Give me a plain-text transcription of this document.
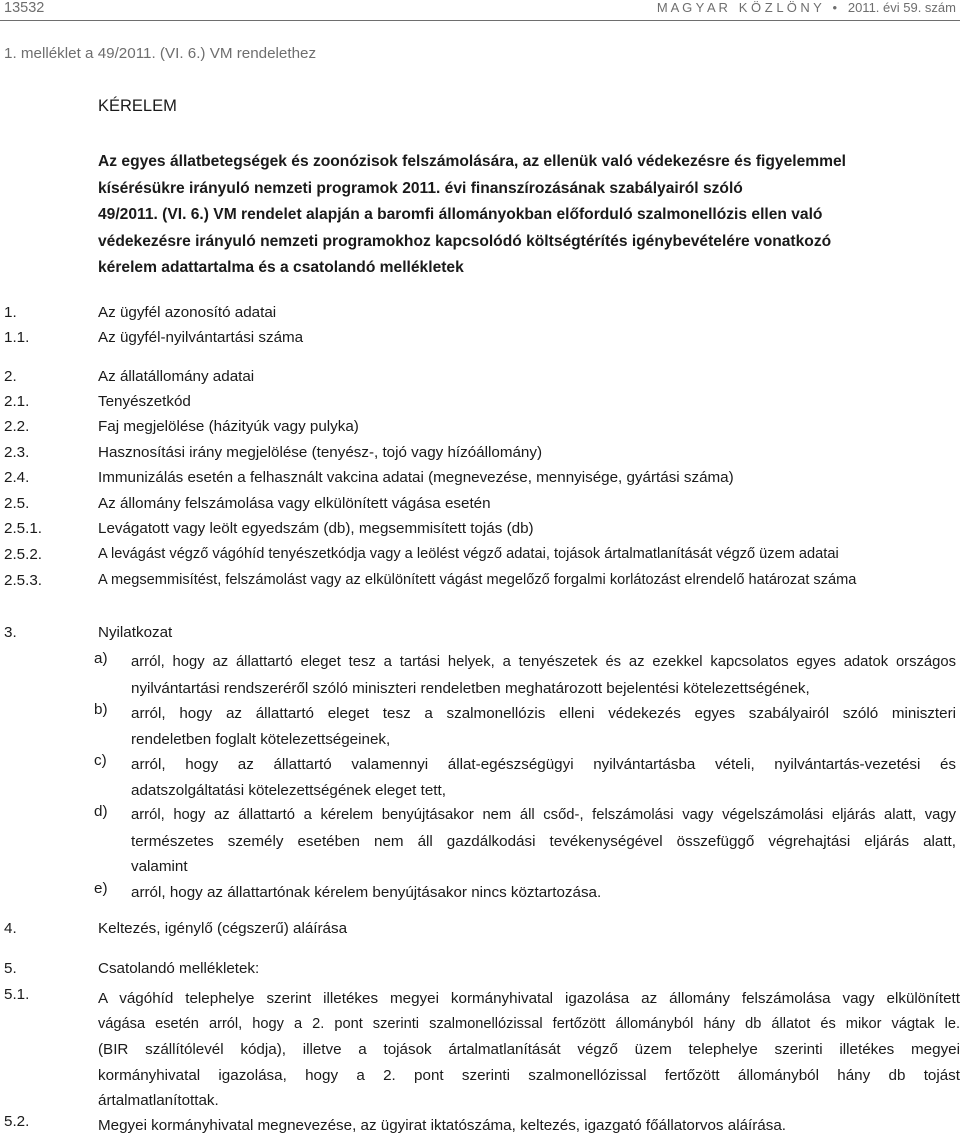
13532	M A G Y A R   K Ö Z L Ö N Y   •   2011. évi 59. szám
1. melléklet a 49/2011. (VI. 6.) VM rendelethez
KÉRELEM
Az egyes állatbetegségek és zoonózisok felszámolására, az ellenük való védekezésre és figyelemmel
kísérésükre irányuló nemzeti programok 2011. évi finanszírozásának szabályairól szóló
49/2011. (VI. 6.) VM rendelet alapján a baromfi állományokban előforduló szalmonellózis ellen való
védekezésre irányuló nemzeti programokhoz kapcsolódó költségtérítés igénybevételére vonatkozó
kérelem adattartalma és a csatolandó mellékletek
1.	Az ügyfél azonosító adatai
1.1.	Az ügyfél-nyilvántartási száma
2.	Az állatállomány adatai
2.1.	Tenyészetkód
2.2.	Faj megjelölése (házityúk vagy pulyka)
2.3.	Hasznosítási irány megjelölése (tenyész-, tojó vagy hízóállomány)
2.4.	Immunizálás esetén a felhasznált vakcina adatai (megnevezése, mennyisége, gyártási száma)
2.5.	Az állomány felszámolása vagy elkülönített vágása esetén
2.5.1.	Levágatott vagy leölt egyedszám (db), megsemmisített tojás (db)
2.5.2.	A levágást végző vágóhíd tenyészetkódja vagy a leölést végző adatai, tojások ártalmatlanítását végző üzem adatai
2.5.3.	A megsemmisítést, felszámolást vagy az elkülönített vágást megelőző forgalmi korlátozást elrendelő határozat száma
3.	Nyilatkozat
a) arról, hogy az állattartó eleget tesz a tartási helyek, a tenyészetek és az ezekkel kapcsolatos egyes adatok országos
nyilvántartási rendszeréről szóló miniszteri rendeletben meghatározott bejelentési kötelezettségének,
b) arról, hogy az állattartó eleget tesz a szalmonellózis elleni védekezés egyes szabályairól szóló miniszteri
rendeletben foglalt kötelezettségeinek,
c) arról, hogy az állattartó valamennyi állat-egészségügyi nyilvántartásba vételi, nyilvántartás-vezetési és
adatszolgáltatási kötelezettségének eleget tett,
d) arról, hogy az állattartó a kérelem benyújtásakor nem áll csőd-, felszámolási vagy végelszámolási eljárás alatt, vagy
természetes személy esetében nem áll gazdálkodási tevékenységével összefüggő végrehajtási eljárás alatt,
valamint
e) arról, hogy az állattartónak kérelem benyújtásakor nincs köztartozása.
4.	Keltezés, igénylő (cégszerű) aláírása
5.	Csatolandó mellékletek:
5.1.	A vágóhíd telephelye szerint illetékes megyei kormányhivatal igazolása az állomány felszámolása vagy elkülönített
vágása esetén arról, hogy a 2. pont szerinti szalmonellózissal fertőzött állományból hány db állatot és mikor vágtak le.
(BIR szállítólevél kódja), illetve a tojások ártalmatlanítását végző üzem telephelye szerinti illetékes megyei
kormányhivatal igazolása, hogy a 2. pont szerinti szalmonellózissal fertőzött állományból hány db tojást
ártalmatlanítottak.
5.2.	Megyei kormányhivatal megnevezése, az ügyirat iktatószáma, keltezés, igazgató főállatorvos aláírása.
